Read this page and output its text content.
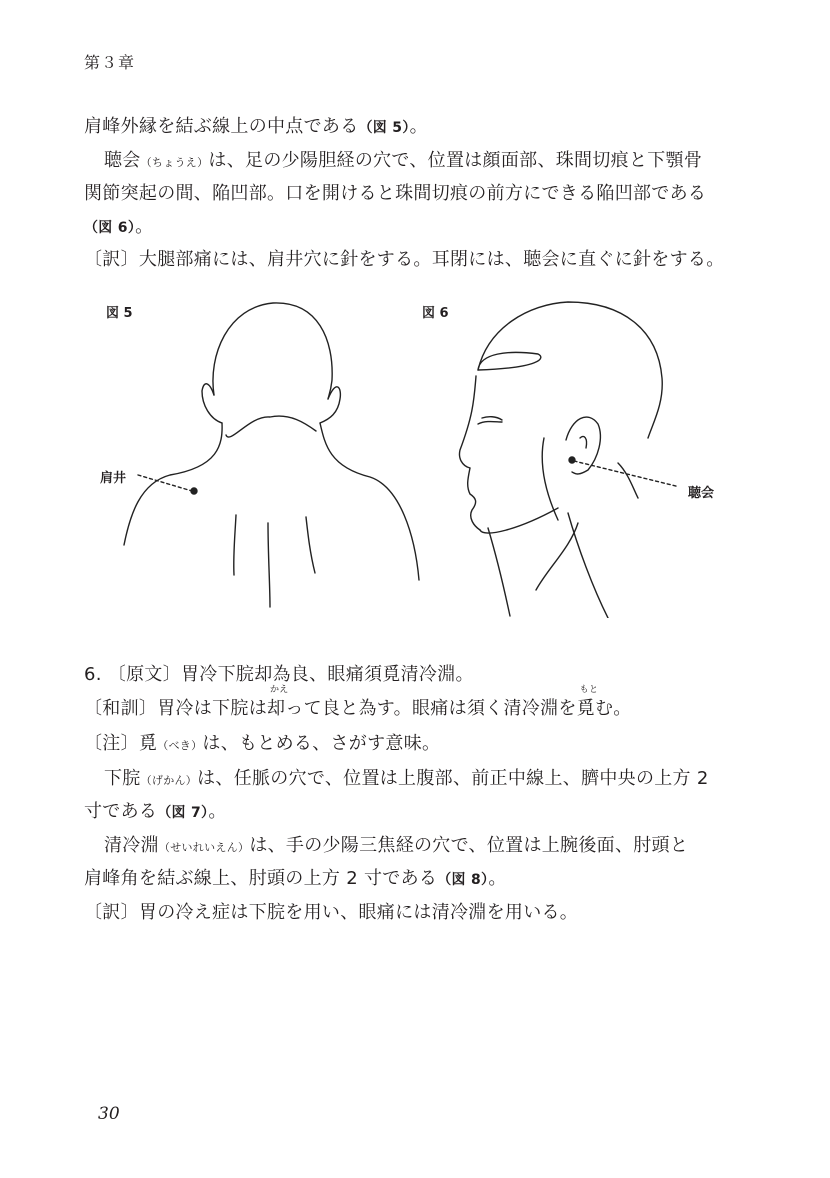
第３章
肩峰外縁を結ぶ線上の中点である（図 5）。
聴会（ちょうえ）は、足の少陽胆経の穴で、位置は顔面部、珠間切痕と下顎骨
関節突起の間、陥凹部。口を開けると珠間切痕の前方にできる陥凹部である
（図 6）。
〔訳〕大腿部痛には、肩井穴に針をする。耳閉には、聴会に直ぐに針をする。
図 5
肩井
図 6
聴会
6. 〔原文〕胃冷下脘却為良、眼痛須覓清冷淵。
〔和訓〕胃冷は下脘は
かえ
却って良と為す。眼痛は須く清冷淵を
もと
覓む。
〔注〕覓（べき）は、もとめる、さがす意味。
下脘（げかん）は、任脈の穴で、位置は上腹部、前正中線上、臍中央の上方 2
寸である（図 7）。
清冷淵（せいれいえん）は、手の少陽三焦経の穴で、位置は上腕後面、肘頭と
肩峰角を結ぶ線上、肘頭の上方 2 寸である（図 8）。
〔訳〕胃の冷え症は下脘を用い、眼痛には清冷淵を用いる。
30
